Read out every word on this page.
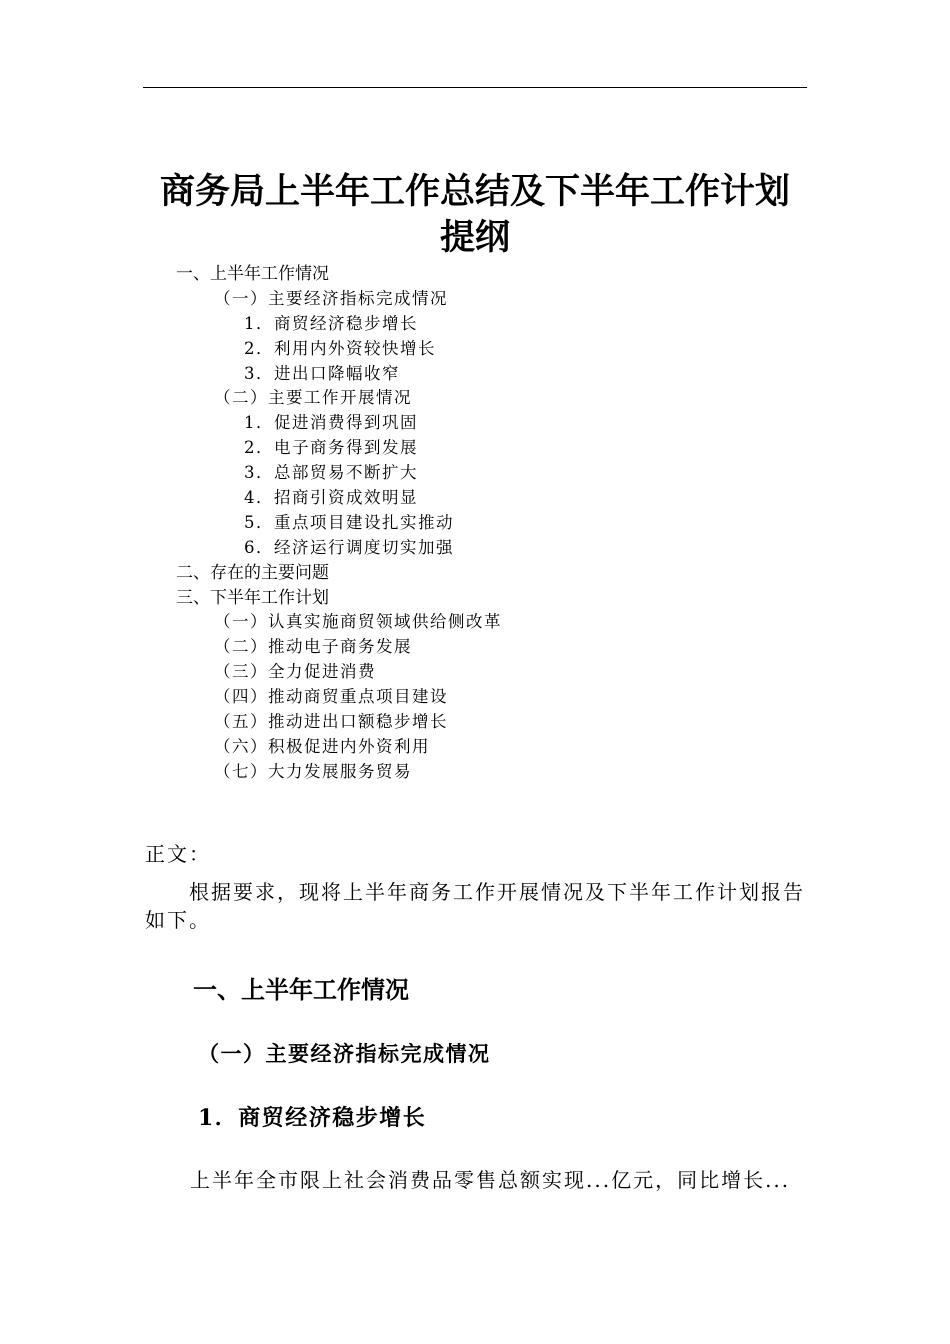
商务局上半年工作总结及下半年工作计划
提纲
一、上半年工作情况
（一）主要经济指标完成情况
1．商贸经济稳步增长
2．利用内外资较快增长
3．进出口降幅收窄
（二）主要工作开展情况
1．促进消费得到巩固
2．电子商务得到发展
3．总部贸易不断扩大
4．招商引资成效明显
5．重点项目建设扎实推动
6．经济运行调度切实加强
二、存在的主要问题
三、下半年工作计划
（一）认真实施商贸领域供给侧改革
（二）推动电子商务发展
（三）全力促进消费
（四）推动商贸重点项目建设
（五）推动进出口额稳步增长
（六）积极促进内外资利用
（七）大力发展服务贸易
正文：
根据要求，现将上半年商务工作开展情况及下半年工作计划报告如下。
一、上半年工作情况
（一）主要经济指标完成情况
1．商贸经济稳步增长
上半年全市限上社会消费品零售总额实现...亿元，同比增长...
